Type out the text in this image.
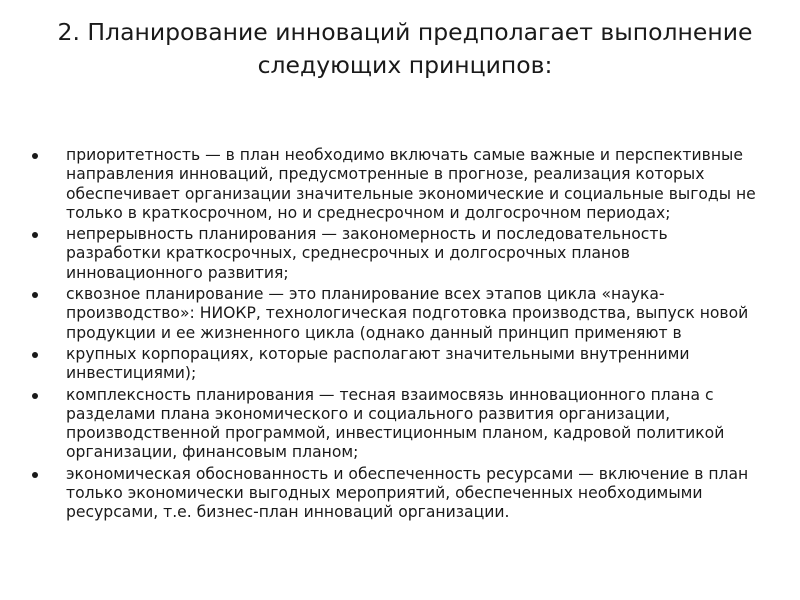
2. Планирование инноваций предполагает выполнение следующих принципов:
приоритетность — в план необходимо включать самые важные и перспективные направления инноваций, предусмотренные в прогнозе, реализация которых обеспечивает организации значительные экономические и социальные выгоды не только в краткосрочном, но и среднесрочном и долгосрочном периодах;
непрерывность планирования — закономерность и последовательность разработки краткосрочных, среднесрочных и долгосрочных планов инновационного развития;
сквозное планирование — это планирование всех этапов цикла «наука-производство»: НИОКР, технологическая подготовка производства, выпуск новой продукции и ее жизненного цикла (однако данный принцип применяют в
крупных корпорациях, которые располагают значительными внутренними инвестициями);
комплексность планирования — тесная взаимосвязь инновационного плана с разделами плана экономического и социального развития организации, производственной программой, инвестиционным планом, кадровой политикой организации, финансовым планом;
экономическая обоснованность и обеспеченность ресурсами — включение в план только экономически выгодных мероприятий, обеспеченных необходимыми ресурсами, т.е. бизнес-план инноваций организации.
